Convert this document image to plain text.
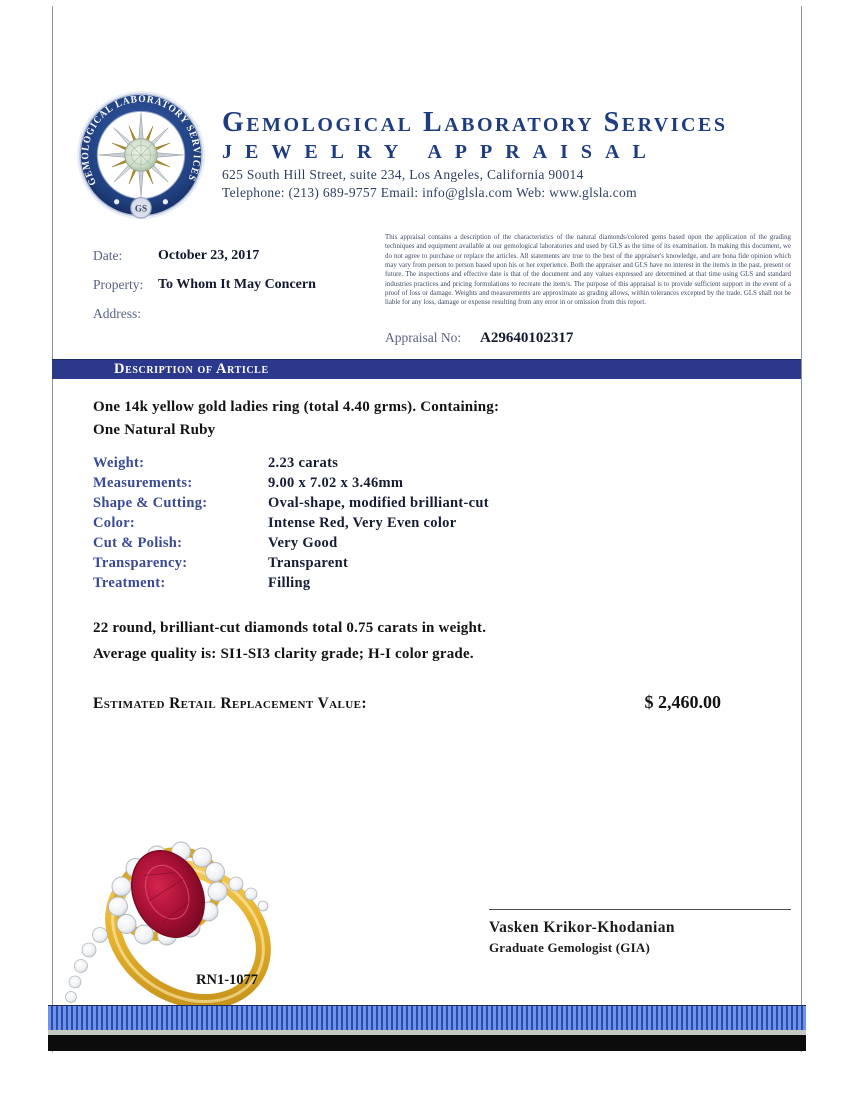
GEMOLOGICAL LABORATORY SERVICES
GS
Gemological Laboratory Services
JEWELRY APPRAISAL
625 South Hill Street, suite 234, Los Angeles, California 90014
Telephone: (213) 689-9757 Email: info@glsla.com Web: www.glsla.com
Date:	October 23, 2017
Property:	To Whom It May Concern
Address:
This appraisal contains a description of the characteristics of the natural diamonds/colored gems based upon the application of the grading techniques and equipment available at our gemological laboratories and used by GLS as the time of its examination. In making this document, we do not agree to purchase or replace the articles. All statements are true to the best of the appraiser's knowledge, and are bona fide opinion which may vary from person to person based upon his or her experience. Both the appraiser and GLS have no interest in the item/s in the past, present or future. The inspections and effective date is that of the document and any values expressed are determined at that time using GLS and standard industries practices and pricing formulations to recreate the item/s. The purpose of this appraisal is to provide sufficient support in the event of a proof of loss or damage. Weights and measurements are approximate as grading allows, within tolerances excepted by the trade. GLS shall not be liable for any loss, damage or expense resulting from any error in or omission from this report.
Appraisal No:	A29640102317
Description of Article
One 14k yellow gold ladies ring (total 4.40 grms). Containing:
One Natural Ruby
Weight:	2.23 carats
Measurements:	9.00 x 7.02 x 3.46mm
Shape & Cutting:	Oval-shape, modified brilliant-cut
Color:	Intense Red, Very Even color
Cut & Polish:	Very Good
Transparency:	Transparent
Treatment:	Filling
22 round, brilliant-cut diamonds total 0.75 carats in weight.
Average quality is: SI1-SI3 clarity grade; H-I color grade.
Estimated Retail Replacement Value:	$ 2,460.00
RN1-1077
Vasken Krikor-Khodanian
Graduate Gemologist (GIA)
